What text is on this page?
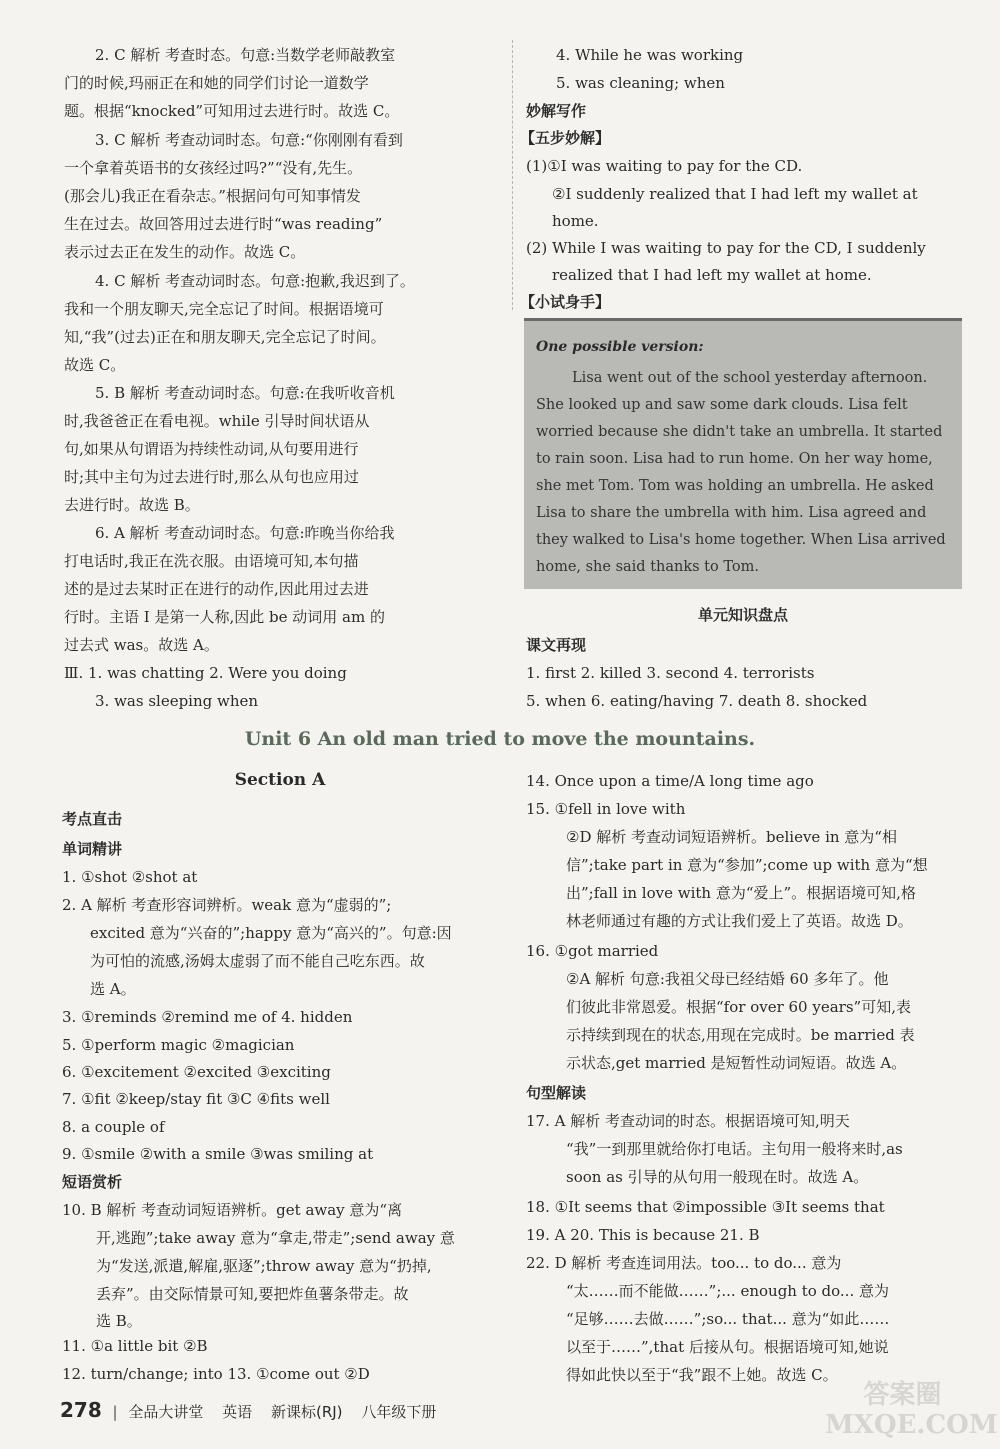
2. C 解析 考查时态。句意:当数学老师敲教室
门的时候,玛丽正在和她的同学们讨论一道数学
题。根据“knocked”可知用过去进行时。故选 C。
3. C 解析 考查动词时态。句意:“你刚刚有看到
一个拿着英语书的女孩经过吗?”“没有,先生。
(那会儿)我正在看杂志。”根据问句可知事情发
生在过去。故回答用过去进行时“was reading”
表示过去正在发生的动作。故选 C。
4. C 解析 考查动词时态。句意:抱歉,我迟到了。
我和一个朋友聊天,完全忘记了时间。根据语境可
知,“我”(过去)正在和朋友聊天,完全忘记了时间。
故选 C。
5. B 解析 考查动词时态。句意:在我听收音机
时,我爸爸正在看电视。while 引导时间状语从
句,如果从句谓语为持续性动词,从句要用进行
时;其中主句为过去进行时,那么从句也应用过
去进行时。故选 B。
6. A 解析 考查动词时态。句意:昨晚当你给我
打电话时,我正在洗衣服。由语境可知,本句描
述的是过去某时正在进行的动作,因此用过去进
行时。主语 I 是第一人称,因此 be 动词用 am 的
过去式 was。故选 A。
Ⅲ. 1. was chatting 2. Were you doing
3. was sleeping when
4. While he was working
5. was cleaning; when
妙解写作
【五步妙解】
(1)①I was waiting to pay for the CD.
②I suddenly realized that I had left my wallet at
home.
(2) While I was waiting to pay for the CD, I suddenly
realized that I had left my wallet at home.
【小试身手】
One possible version:
Lisa went out of the school yesterday afternoon. She looked up and saw some dark clouds. Lisa felt worried because she didn't take an umbrella. It started to rain soon. Lisa had to run home. On her way home, she met Tom. Tom was holding an umbrella. He asked Lisa to share the umbrella with him. Lisa agreed and they walked to Lisa's home together. When Lisa arrived home, she said thanks to Tom.
单元知识盘点
课文再现
1. first 2. killed 3. second 4. terrorists
5. when 6. eating/having 7. death 8. shocked
Unit 6 An old man tried to move the mountains.
Section A
考点直击
单词精讲
1. ①shot ②shot at
2. A 解析 考查形容词辨析。weak 意为“虚弱的”;
excited 意为“兴奋的”;happy 意为“高兴的”。句意:因
为可怕的流感,汤姆太虚弱了而不能自己吃东西。故
选 A。
3. ①reminds ②remind me of 4. hidden
5. ①perform magic ②magician
6. ①excitement ②excited ③exciting
7. ①fit ②keep/stay fit ③C ④fits well
8. a couple of
9. ①smile ②with a smile ③was smiling at
短语赏析
10. B 解析 考查动词短语辨析。get away 意为“离
开,逃跑”;take away 意为“拿走,带走”;send away 意
为“发送,派遣,解雇,驱逐”;throw away 意为“扔掉,
丢弃”。由交际情景可知,要把炸鱼薯条带走。故
选 B。
11. ①a little bit ②B
12. turn/change; into 13. ①come out ②D
14. Once upon a time/A long time ago
15. ①fell in love with
②D 解析 考查动词短语辨析。believe in 意为“相
信”;take part in 意为“参加”;come up with 意为“想
出”;fall in love with 意为“爱上”。根据语境可知,格
林老师通过有趣的方式让我们爱上了英语。故选 D。
16. ①got married
②A 解析 句意:我祖父母已经结婚 60 多年了。他
们彼此非常恩爱。根据“for over 60 years”可知,表
示持续到现在的状态,用现在完成时。be married 表
示状态,get married 是短暂性动词短语。故选 A。
句型解读
17. A 解析 考查动词的时态。根据语境可知,明天
“我”一到那里就给你打电话。主句用一般将来时,as
soon as 引导的从句用一般现在时。故选 A。
18. ①It seems that ②impossible ③It seems that
19. A 20. This is because 21. B
22. D 解析 考查连词用法。too... to do... 意为
“太……而不能做……”;... enough to do... 意为
“足够……去做……”;so... that... 意为“如此……
以至于……”,that 后接从句。根据语境可知,她说
得如此快以至于“我”跟不上她。故选 C。
278 | 全品大讲堂 英语 新课标(RJ) 八年级下册
答案圈 MXQE.COM
